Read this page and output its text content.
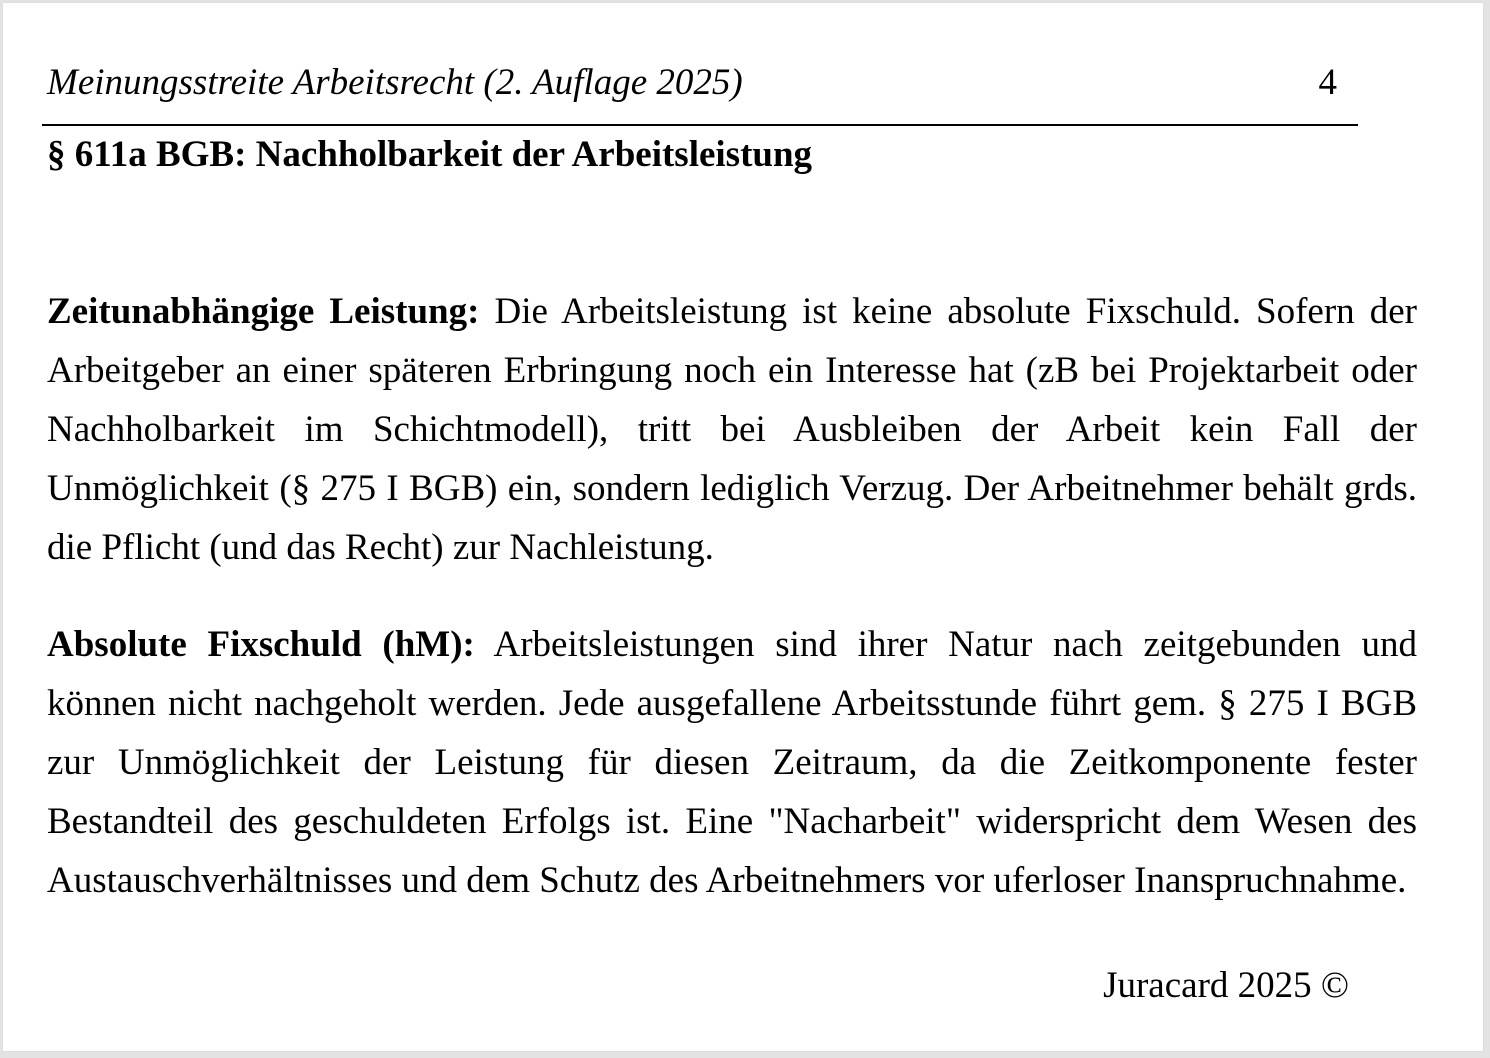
Meinungsstreite Arbeitsrecht (2. Auflage 2025)	4
§ 611a BGB: Nachholbarkeit der Arbeitsleistung

Zeitunabhängige Leistung: Die Arbeitsleistung ist keine absolute Fixschuld. Sofern der Arbeitgeber an einer späteren Erbringung noch ein Interesse hat (zB bei Projektarbeit oder Nachholbarkeit im Schichtmodell), tritt bei Ausbleiben der Arbeit kein Fall der Unmöglichkeit (§ 275 I BGB) ein, sondern lediglich Verzug. Der Arbeitnehmer behält grds. die Pflicht (und das Recht) zur Nachleistung.

Absolute Fixschuld (hM): Arbeitsleistungen sind ihrer Natur nach zeitgebunden und können nicht nachgeholt werden. Jede ausgefallene Arbeitsstunde führt gem. § 275 I BGB zur Unmöglichkeit der Leistung für diesen Zeitraum, da die Zeitkomponente fester Bestandteil des geschuldeten Erfolgs ist. Eine "Nacharbeit" widerspricht dem Wesen des Austauschverhältnisses und dem Schutz des Arbeitnehmers vor uferloser Inanspruchnahme.

Juracard 2025 ©
